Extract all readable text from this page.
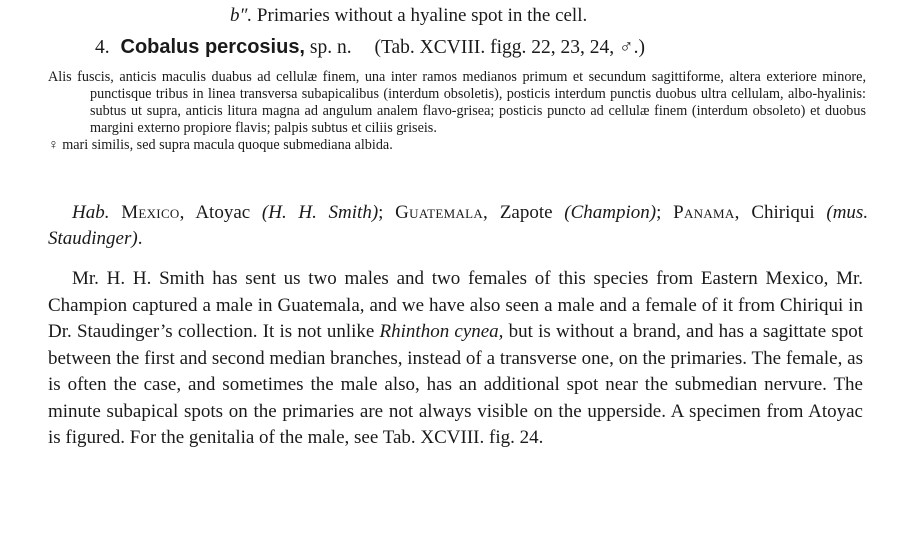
b″. Primaries without a hyaline spot in the cell.
4. Cobalus percosius, sp. n. (Tab. XCVIII. figg. 22, 23, 24, ♂.)

Alis fuscis, anticis maculis duabus ad cellulæ finem, una inter ramos medianos primum et secundum sagittiforme, altera exteriore minore, punctisque tribus in linea transversa subapicalibus (interdum obsoletis), posticis interdum punctis duobus ultra cellulam, albo-hyalinis: subtus ut supra, anticis litura magna ad angulum analem flavo-grisea; posticis puncto ad cellulæ finem (interdum obsoleto) et duobus margini externo propiore flavis; palpis subtus et ciliis griseis.

♀ mari similis, sed supra macula quoque submediana albida.

Hab. Mexico, Atoyac (H. H. Smith); Guatemala, Zapote (Champion); Panama, Chiriqui (mus. Staudinger).

Mr. H. H. Smith has sent us two males and two females of this species from Eastern Mexico, Mr. Champion captured a male in Guatemala, and we have also seen a male and a female of it from Chiriqui in Dr. Staudinger’s collection. It is not unlike Rhinthon cynea, but is without a brand, and has a sagittate spot between the first and second median branches, instead of a transverse one, on the primaries. The female, as is often the case, and sometimes the male also, has an additional spot near the submedian nervure. The minute subapical spots on the primaries are not always visible on the upperside. A specimen from Atoyac is figured. For the genitalia of the male, see Tab. XCVIII. fig. 24.
